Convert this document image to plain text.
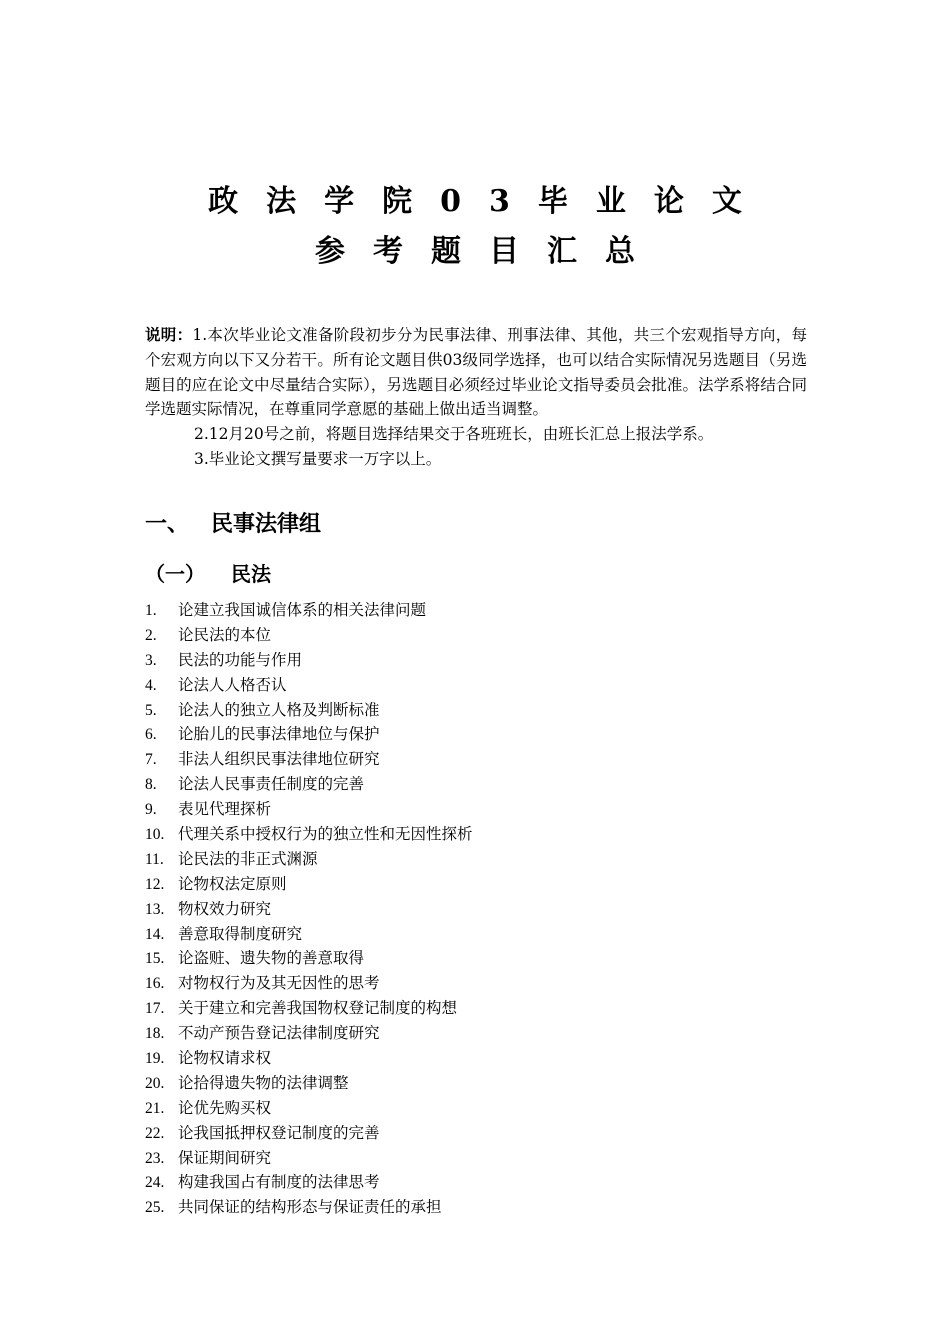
政法学院03毕业论文
参考题目汇总
说明：1.本次毕业论文准备阶段初步分为民事法律、刑事法律、其他，共三个宏观指导方向，每个宏观方向以下又分若干。所有论文题目供03级同学选择，也可以结合实际情况另选题目（另选题目的应在论文中尽量结合实际），另选题目必须经过毕业论文指导委员会批准。法学系将结合同学选题实际情况，在尊重同学意愿的基础上做出适当调整。
2.12月20号之前，将题目选择结果交于各班班长，由班长汇总上报法学系。
3.毕业论文撰写量要求一万字以上。
一、 民事法律组
（一） 民法
1. 论建立我国诚信体系的相关法律问题
2. 论民法的本位
3. 民法的功能与作用
4. 论法人人格否认
5. 论法人的独立人格及判断标准
6. 论胎儿的民事法律地位与保护
7. 非法人组织民事法律地位研究
8. 论法人民事责任制度的完善
9. 表见代理探析
10. 代理关系中授权行为的独立性和无因性探析
11. 论民法的非正式渊源
12. 论物权法定原则
13. 物权效力研究
14. 善意取得制度研究
15. 论盗赃、遗失物的善意取得
16. 对物权行为及其无因性的思考
17. 关于建立和完善我国物权登记制度的构想
18. 不动产预告登记法律制度研究
19. 论物权请求权
20. 论拾得遗失物的法律调整
21. 论优先购买权
22. 论我国抵押权登记制度的完善
23. 保证期间研究
24. 构建我国占有制度的法律思考
25. 共同保证的结构形态与保证责任的承担
